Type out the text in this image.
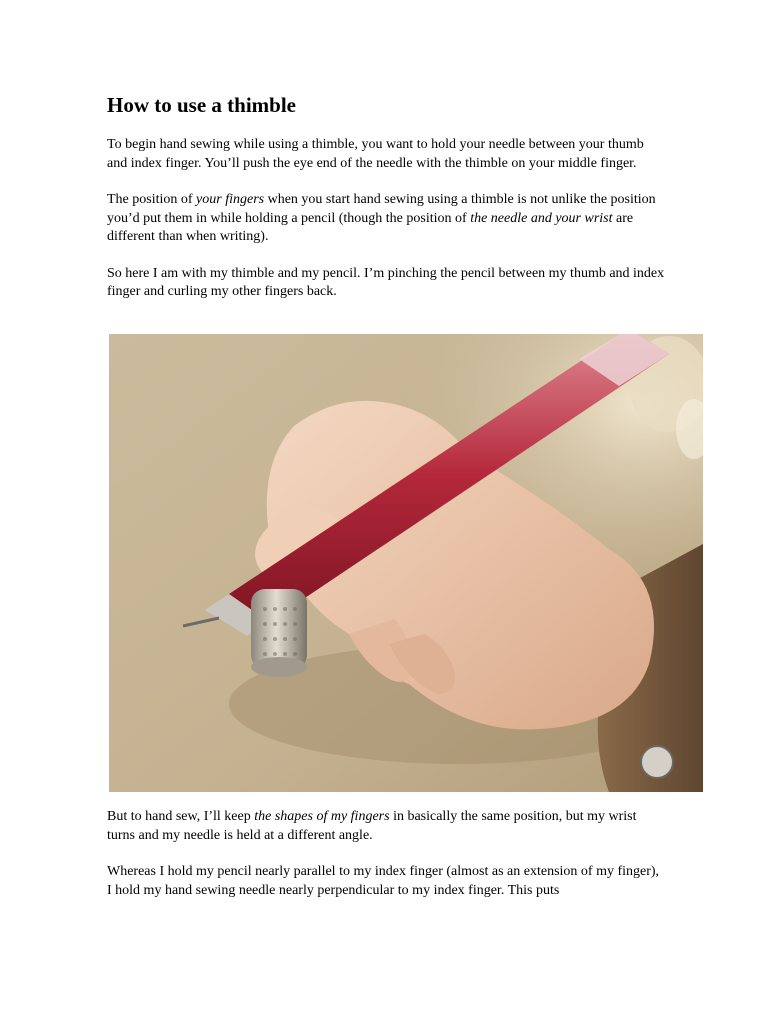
How to use a thimble

To begin hand sewing while using a thimble, you want to hold your needle between your thumb and index finger. You’ll push the eye end of the needle with the thimble on your middle finger.

The position of your fingers when you start hand sewing using a thimble is not unlike the position you’d put them in while holding a pencil (though the position of the needle and your wrist are different than when writing).

So here I am with my thimble and my pencil. I’m pinching the pencil between my thumb and index finger and curling my other fingers back.

But to hand sew, I’ll keep the shapes of my fingers in basically the same position, but my wrist turns and my needle is held at a different angle.

Whereas I hold my pencil nearly parallel to my index finger (almost as an extension of my finger), I hold my hand sewing needle nearly perpendicular to my index finger. This puts
